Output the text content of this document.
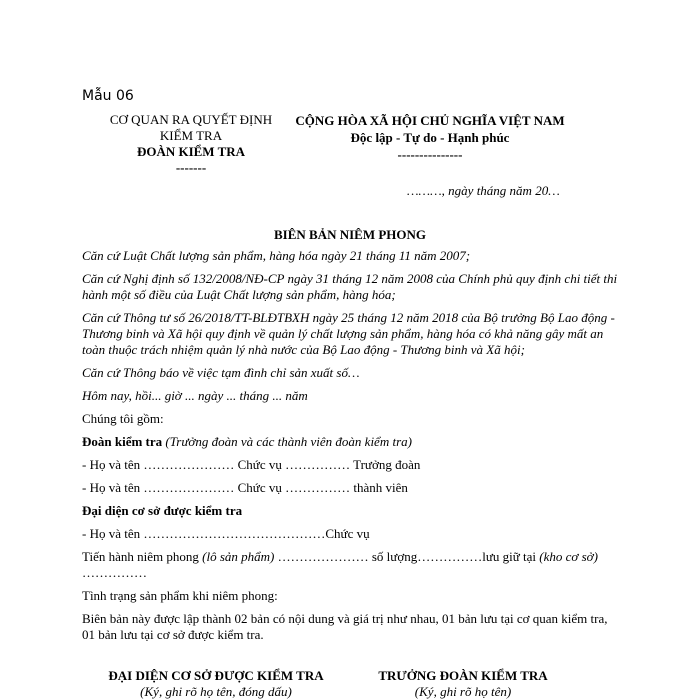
Mẫu 06
CƠ QUAN RA QUYẾT ĐỊNH
KIỂM TRA
ĐOÀN KIỂM TRA
-------
CỘNG HÒA XÃ HỘI CHỦ NGHĨA VIỆT NAM
Độc lập - Tự do - Hạnh phúc
---------------
………, ngày tháng năm 20…
BIÊN BẢN NIÊM PHONG

Căn cứ Luật Chất lượng sản phẩm, hàng hóa ngày 21 tháng 11 năm 2007;

Căn cứ Nghị định số 132/2008/NĐ-CP ngày 31 tháng 12 năm 2008 của Chính phủ quy định chi tiết thi hành một số điều của Luật Chất lượng sản phẩm, hàng hóa;

Căn cứ Thông tư số 26/2018/TT-BLĐTBXH ngày 25 tháng 12 năm 2018 của Bộ trưởng Bộ Lao động - Thương binh và Xã hội quy định về quản lý chất lượng sản phẩm, hàng hóa có khả năng gây mất an toàn thuộc trách nhiệm quản lý nhà nước của Bộ Lao động - Thương binh và Xã hội;

Căn cứ Thông báo về việc tạm đình chỉ sản xuất số…

Hôm nay, hồi... giờ ... ngày ... tháng ... năm

Chúng tôi gồm:

Đoàn kiểm tra (Trưởng đoàn và các thành viên đoàn kiểm tra)

- Họ và tên ………………… Chức vụ …………… Trưởng đoàn

- Họ và tên ………………… Chức vụ …………… thành viên

Đại diện cơ sở được kiểm tra

- Họ và tên ……………………………………Chức vụ

Tiến hành niêm phong (lô sản phẩm) ………………… số lượng……………lưu giữ tại (kho cơ sở) ……………

Tình trạng sản phẩm khi niêm phong:

Biên bản này được lập thành 02 bản có nội dung và giá trị như nhau, 01 bản lưu tại cơ quan kiểm tra, 01 bản lưu tại cơ sở được kiểm tra.

ĐẠI DIỆN CƠ SỞ ĐƯỢC KIỂM TRA
(Ký, ghi rõ họ tên, đóng dấu)
TRƯỞNG ĐOÀN KIỂM TRA
(Ký, ghi rõ họ tên)
